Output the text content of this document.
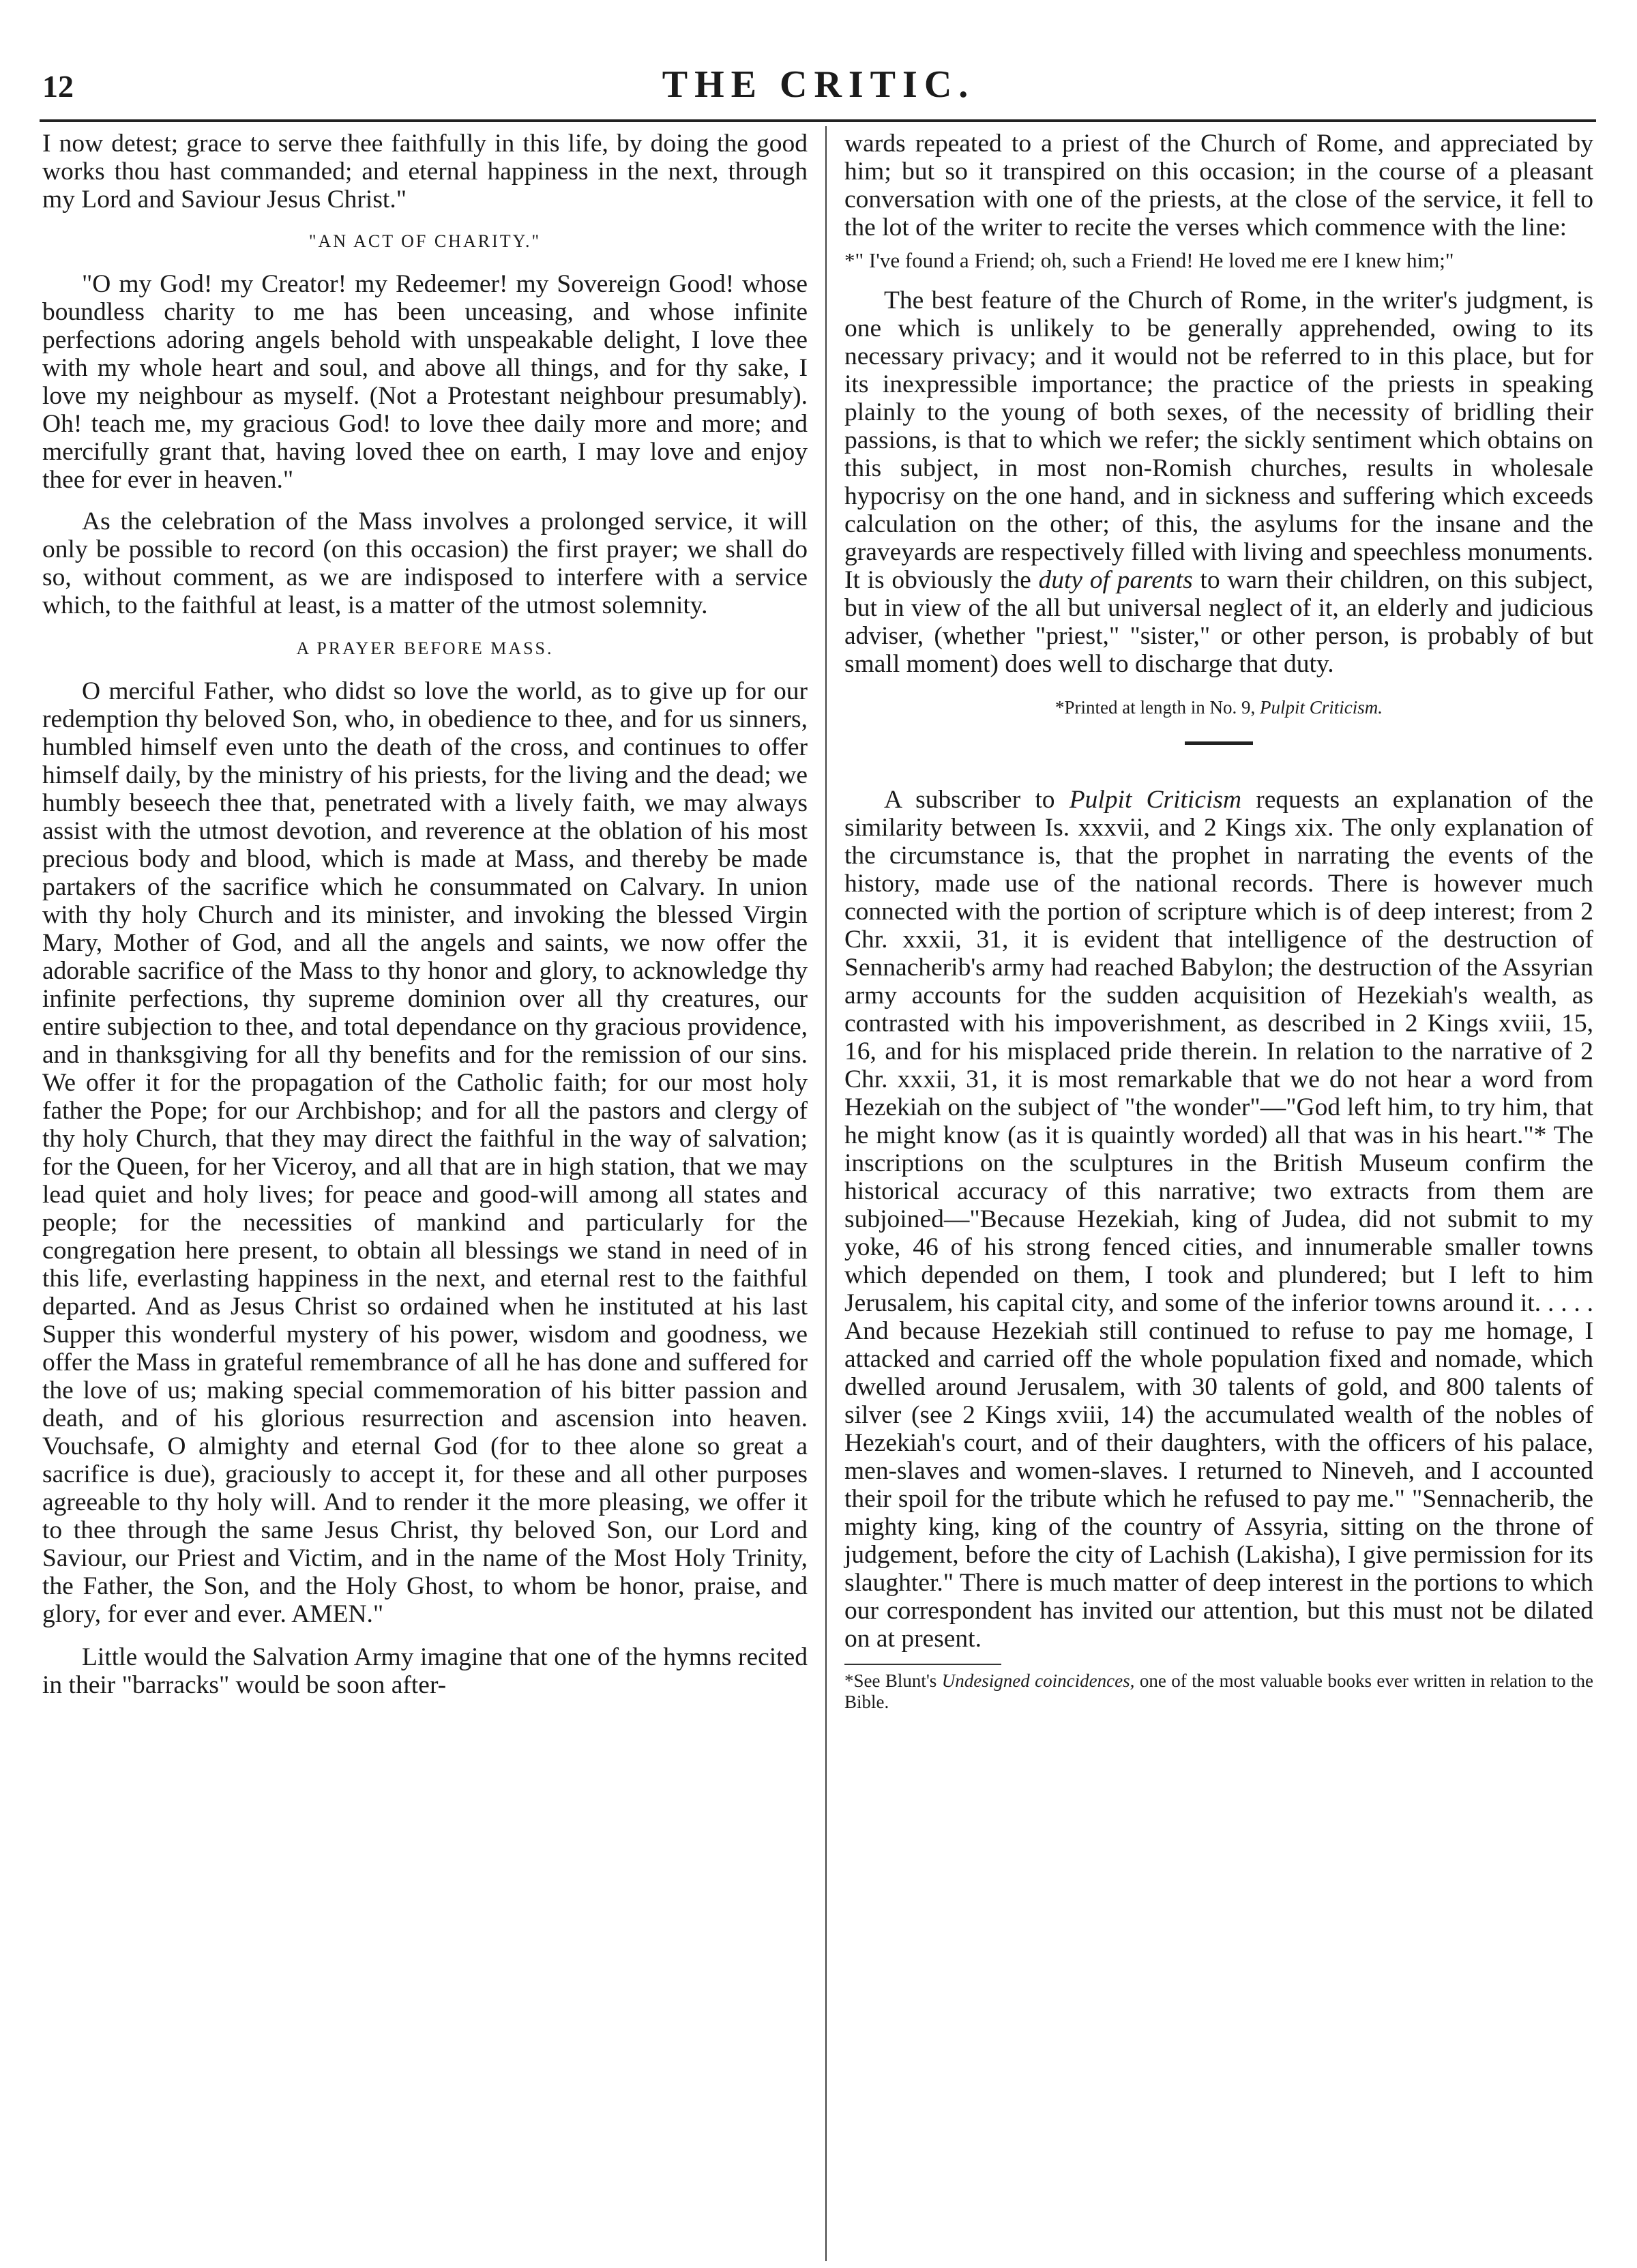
12	THE CRITIC.

I now detest; grace to serve thee faithfully in this life, by doing the good works thou hast commanded; and eternal happiness in the next, through my Lord and Saviour Jesus Christ."

"AN ACT OF CHARITY."

"O my God! my Creator! my Redeemer! my Sovereign Good! whose boundless charity to me has been unceasing, and whose infinite perfections adoring angels behold with unspeakable delight, I love thee with my whole heart and soul, and above all things, and for thy sake, I love my neighbour as myself. (Not a Protestant neighbour presumably). Oh! teach me, my gracious God! to love thee daily more and more; and mercifully grant that, having loved thee on earth, I may love and enjoy thee for ever in heaven."

As the celebration of the Mass involves a prolonged service, it will only be possible to record (on this occasion) the first prayer; we shall do so, without comment, as we are indisposed to interfere with a service which, to the faithful at least, is a matter of the utmost solemnity.

A PRAYER BEFORE MASS.

O merciful Father, who didst so love the world, as to give up for our redemption thy beloved Son, who, in obedience to thee, and for us sinners, humbled himself even unto the death of the cross, and continues to offer himself daily, by the ministry of his priests, for the living and the dead; we humbly beseech thee that, penetrated with a lively faith, we may always assist with the utmost devotion, and reverence at the oblation of his most precious body and blood, which is made at Mass, and thereby be made partakers of the sacrifice which he consummated on Calvary. In union with thy holy Church and its minister, and invoking the blessed Virgin Mary, Mother of God, and all the angels and saints, we now offer the adorable sacrifice of the Mass to thy honor and glory, to acknowledge thy infinite perfections, thy supreme dominion over all thy creatures, our entire subjection to thee, and total dependance on thy gracious providence, and in thanksgiving for all thy benefits and for the remission of our sins. We offer it for the propagation of the Catholic faith; for our most holy father the Pope; for our Archbishop; and for all the pastors and clergy of thy holy Church, that they may direct the faithful in the way of salvation; for the Queen, for her Viceroy, and all that are in high station, that we may lead quiet and holy lives; for peace and good-will among all states and people; for the necessities of mankind and particularly for the congregation here present, to obtain all blessings we stand in need of in this life, everlasting happiness in the next, and eternal rest to the faithful departed. And as Jesus Christ so ordained when he instituted at his last Supper this wonderful mystery of his power, wisdom and goodness, we offer the Mass in grateful remembrance of all he has done and suffered for the love of us; making special commemoration of his bitter passion and death, and of his glorious resurrection and ascension into heaven. Vouchsafe, O almighty and eternal God (for to thee alone so great a sacrifice is due), graciously to accept it, for these and all other purposes agreeable to thy holy will. And to render it the more pleasing, we offer it to thee through the same Jesus Christ, thy beloved Son, our Lord and Saviour, our Priest and Victim, and in the name of the Most Holy Trinity, the Father, the Son, and the Holy Ghost, to whom be honor, praise, and glory, for ever and ever. AMEN."

Little would the Salvation Army imagine that one of the hymns recited in their "barracks" would be soon after-

wards repeated to a priest of the Church of Rome, and appreciated by him; but so it transpired on this occasion; in the course of a pleasant conversation with one of the priests, at the close of the service, it fell to the lot of the writer to recite the verses which commence with the line:

*" I've found a Friend; oh, such a Friend! He loved me ere I knew him;"

The best feature of the Church of Rome, in the writer's judgment, is one which is unlikely to be generally apprehended, owing to its necessary privacy; and it would not be referred to in this place, but for its inexpressible importance; the practice of the priests in speaking plainly to the young of both sexes, of the necessity of bridling their passions, is that to which we refer; the sickly sentiment which obtains on this subject, in most non-Romish churches, results in wholesale hypocrisy on the one hand, and in sickness and suffering which exceeds calculation on the other; of this, the asylums for the insane and the graveyards are respectively filled with living and speechless monuments. It is obviously the duty of parents to warn their children, on this subject, but in view of the all but universal neglect of it, an elderly and judicious adviser, (whether "priest," "sister," or other person, is probably of but small moment) does well to discharge that duty.

*Printed at length in No. 9, Pulpit Criticism.

A subscriber to Pulpit Criticism requests an explanation of the similarity between Is. xxxvii, and 2 Kings xix. The only explanation of the circumstance is, that the prophet in narrating the events of the history, made use of the national records. There is however much connected with the portion of scripture which is of deep interest; from 2 Chr. xxxii, 31, it is evident that intelligence of the destruction of Sennacherib's army had reached Babylon; the destruction of the Assyrian army accounts for the sudden acquisition of Hezekiah's wealth, as contrasted with his impoverishment, as described in 2 Kings xviii, 15, 16, and for his misplaced pride therein. In relation to the narrative of 2 Chr. xxxii, 31, it is most remarkable that we do not hear a word from Hezekiah on the subject of "the wonder"—"God left him, to try him, that he might know (as it is quaintly worded) all that was in his heart."* The inscriptions on the sculptures in the British Museum confirm the historical accuracy of this narrative; two extracts from them are subjoined—"Because Hezekiah, king of Judea, did not submit to my yoke, 46 of his strong fenced cities, and innumerable smaller towns which depended on them, I took and plundered; but I left to him Jerusalem, his capital city, and some of the inferior towns around it. . . . . And because Hezekiah still continued to refuse to pay me homage, I attacked and carried off the whole population fixed and nomade, which dwelled around Jerusalem, with 30 talents of gold, and 800 talents of silver (see 2 Kings xviii, 14) the accumulated wealth of the nobles of Hezekiah's court, and of their daughters, with the officers of his palace, men-slaves and women-slaves. I returned to Nineveh, and I accounted their spoil for the tribute which he refused to pay me." "Sennacherib, the mighty king, king of the country of Assyria, sitting on the throne of judgement, before the city of Lachish (Lakisha), I give permission for its slaughter." There is much matter of deep interest in the portions to which our correspondent has invited our attention, but this must not be dilated on at present.

*See Blunt's Undesigned coincidences, one of the most valuable books ever written in relation to the Bible.
